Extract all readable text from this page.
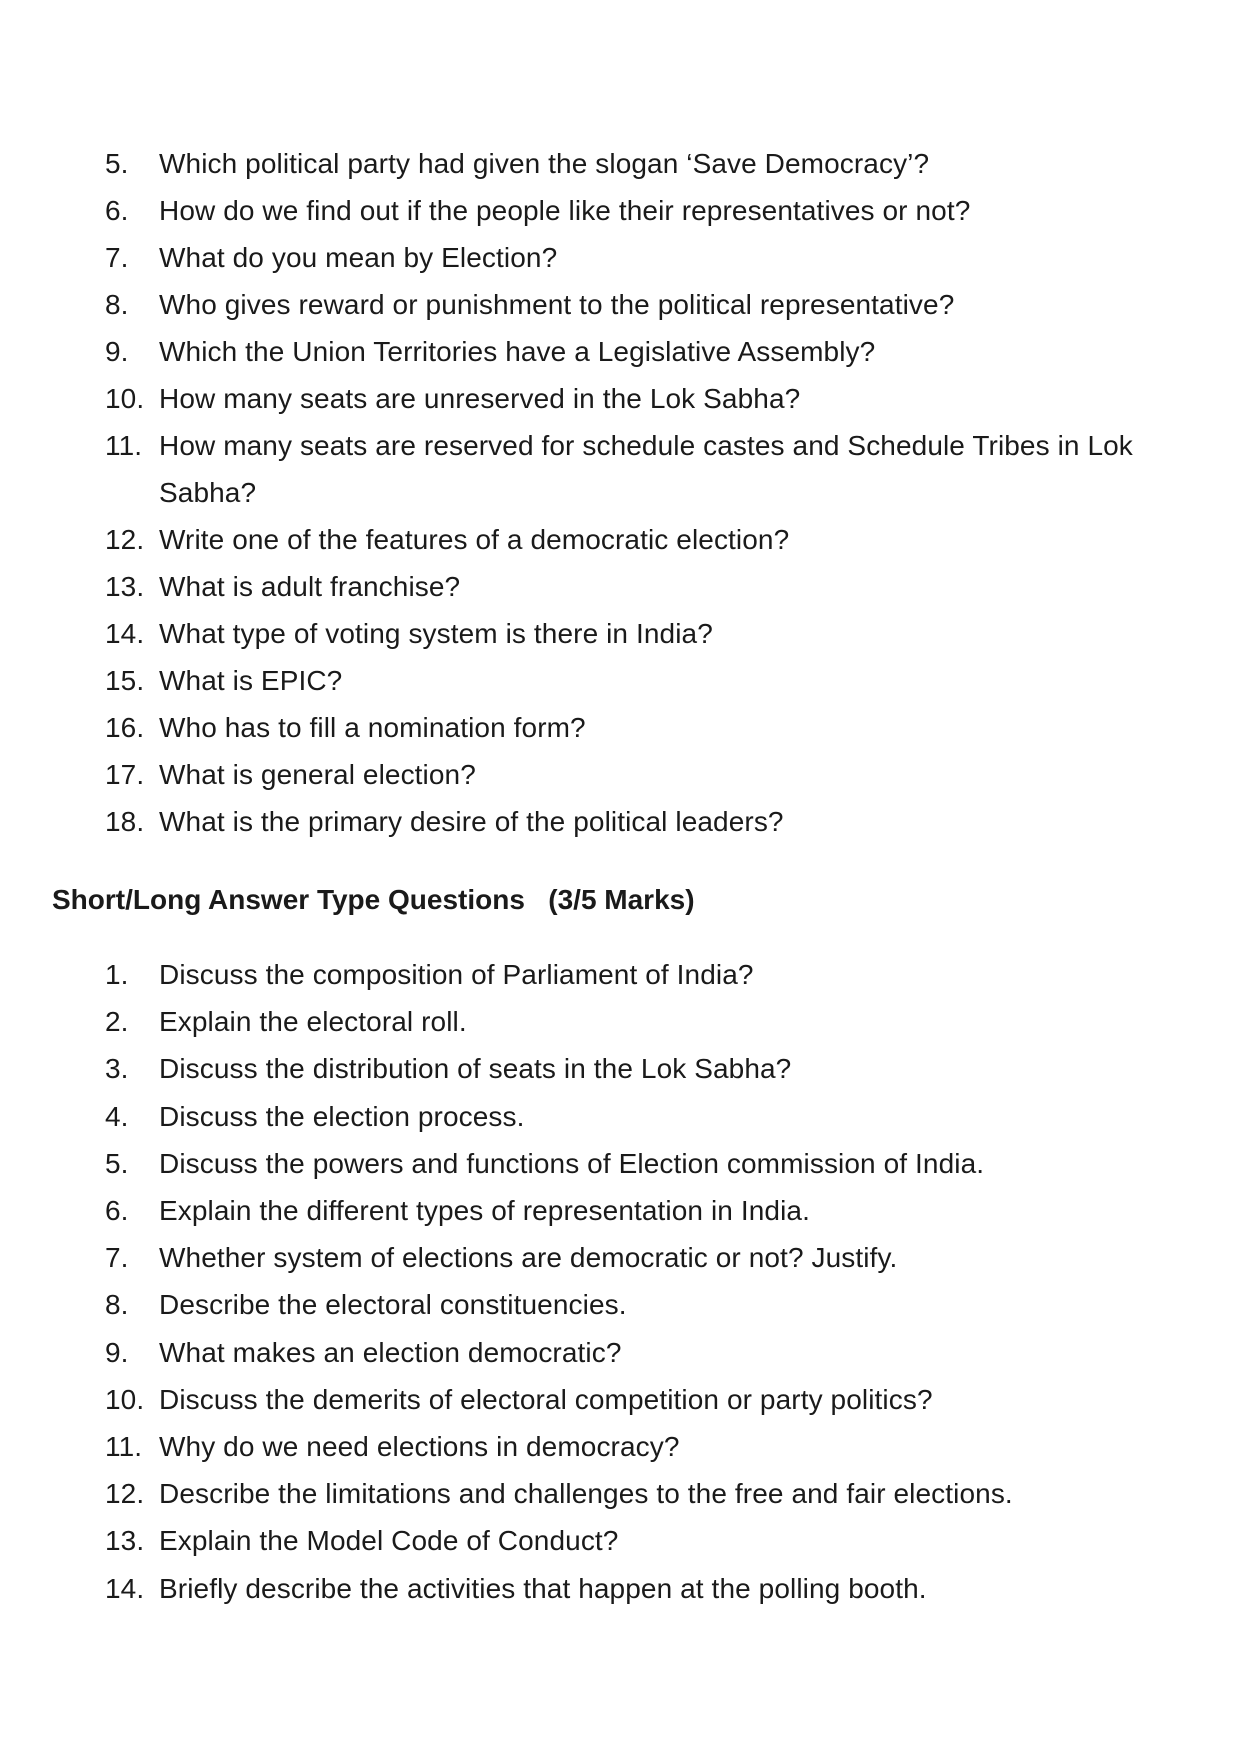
5.	Which political party had given the slogan ‘Save Democracy’?
6.	How do we find out if the people like their representatives or not?
7.	What do you mean by Election?
8.	Who gives reward or punishment to the political representative?
9.	Which the Union Territories have a Legislative Assembly?
10. How many seats are unreserved in the Lok Sabha?
11. How many seats are reserved for schedule castes and Schedule Tribes in Lok Sabha?
12. Write one of the features of a democratic election?
13. What is adult franchise?
14. What type of voting system is there in India?
15. What is EPIC?
16. Who has to fill a nomination form?
17. What is general election?
18. What is the primary desire of the political leaders?
Short/Long Answer Type Questions   (3/5 Marks)
1.	Discuss the composition of Parliament of India?
2.	Explain the electoral roll.
3.	Discuss the distribution of seats in the Lok Sabha?
4.	Discuss the election process.
5.	Discuss the powers and functions of Election commission of India.
6.	Explain the different types of representation in India.
7.	Whether system of elections are democratic or not? Justify.
8.	Describe the electoral constituencies.
9.	What makes an election democratic?
10. Discuss the demerits of electoral competition or party politics?
11. Why do we need elections in democracy?
12. Describe the limitations and challenges to the free and fair elections.
13. Explain the Model Code of Conduct?
14. Briefly describe the activities that happen at the polling booth.
